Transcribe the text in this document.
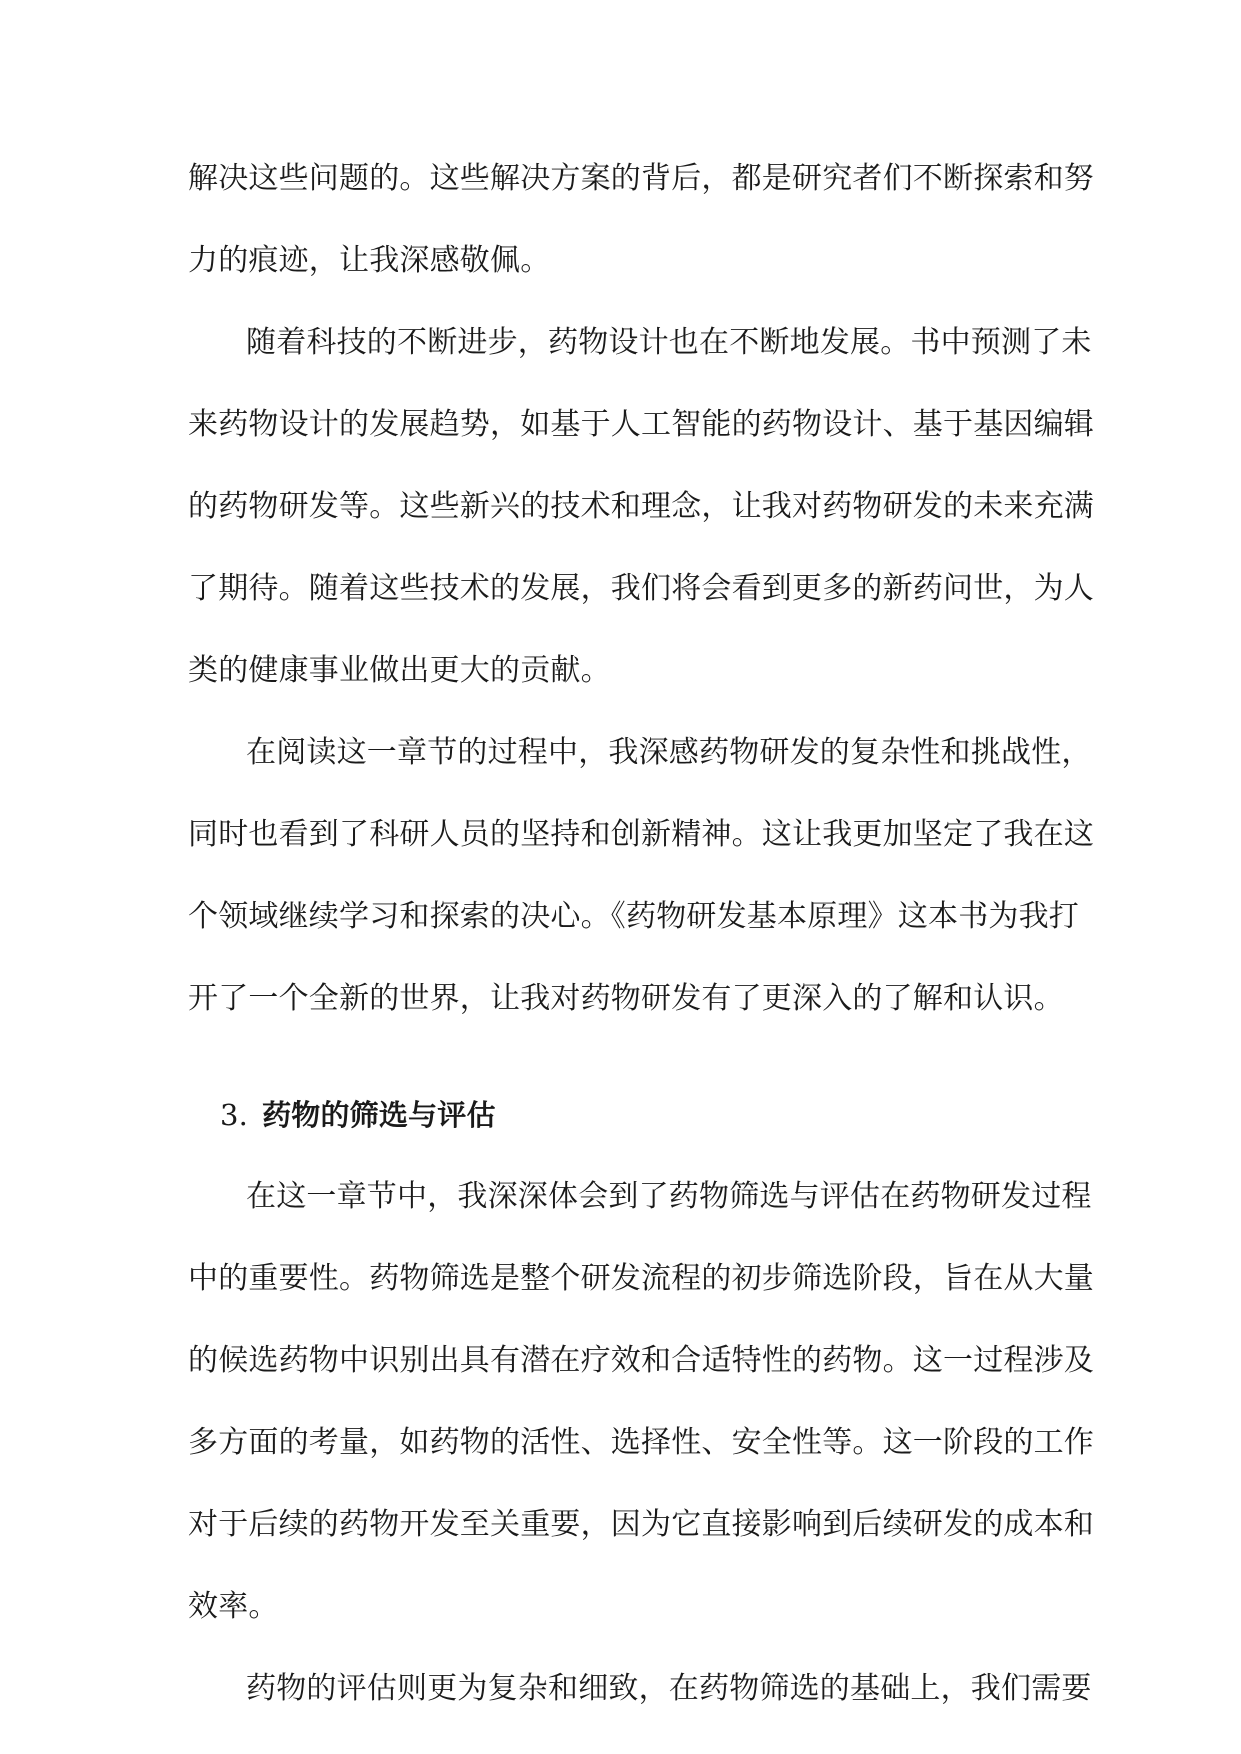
解决这些问题的。这些解决方案的背后，都是研究者们不断探索和努
力的痕迹，让我深感敬佩。
随着科技的不断进步，药物设计也在不断地发展。书中预测了未
来药物设计的发展趋势，如基于人工智能的药物设计、基于基因编辑
的药物研发等。这些新兴的技术和理念，让我对药物研发的未来充满
了期待。随着这些技术的发展，我们将会看到更多的新药问世，为人
类的健康事业做出更大的贡献。
在阅读这一章节的过程中，我深感药物研发的复杂性和挑战性，
同时也看到了科研人员的坚持和创新精神。这让我更加坚定了我在这
个领域继续学习和探索的决心。《药物研发基本原理》这本书为我打
开了一个全新的世界，让我对药物研发有了更深入的了解和认识。
3. 药物的筛选与评估
在这一章节中，我深深体会到了药物筛选与评估在药物研发过程
中的重要性。药物筛选是整个研发流程的初步筛选阶段，旨在从大量
的候选药物中识别出具有潜在疗效和合适特性的药物。这一过程涉及
多方面的考量，如药物的活性、选择性、安全性等。这一阶段的工作
对于后续的药物开发至关重要，因为它直接影响到后续研发的成本和
效率。
药物的评估则更为复杂和细致，在药物筛选的基础上，我们需要
